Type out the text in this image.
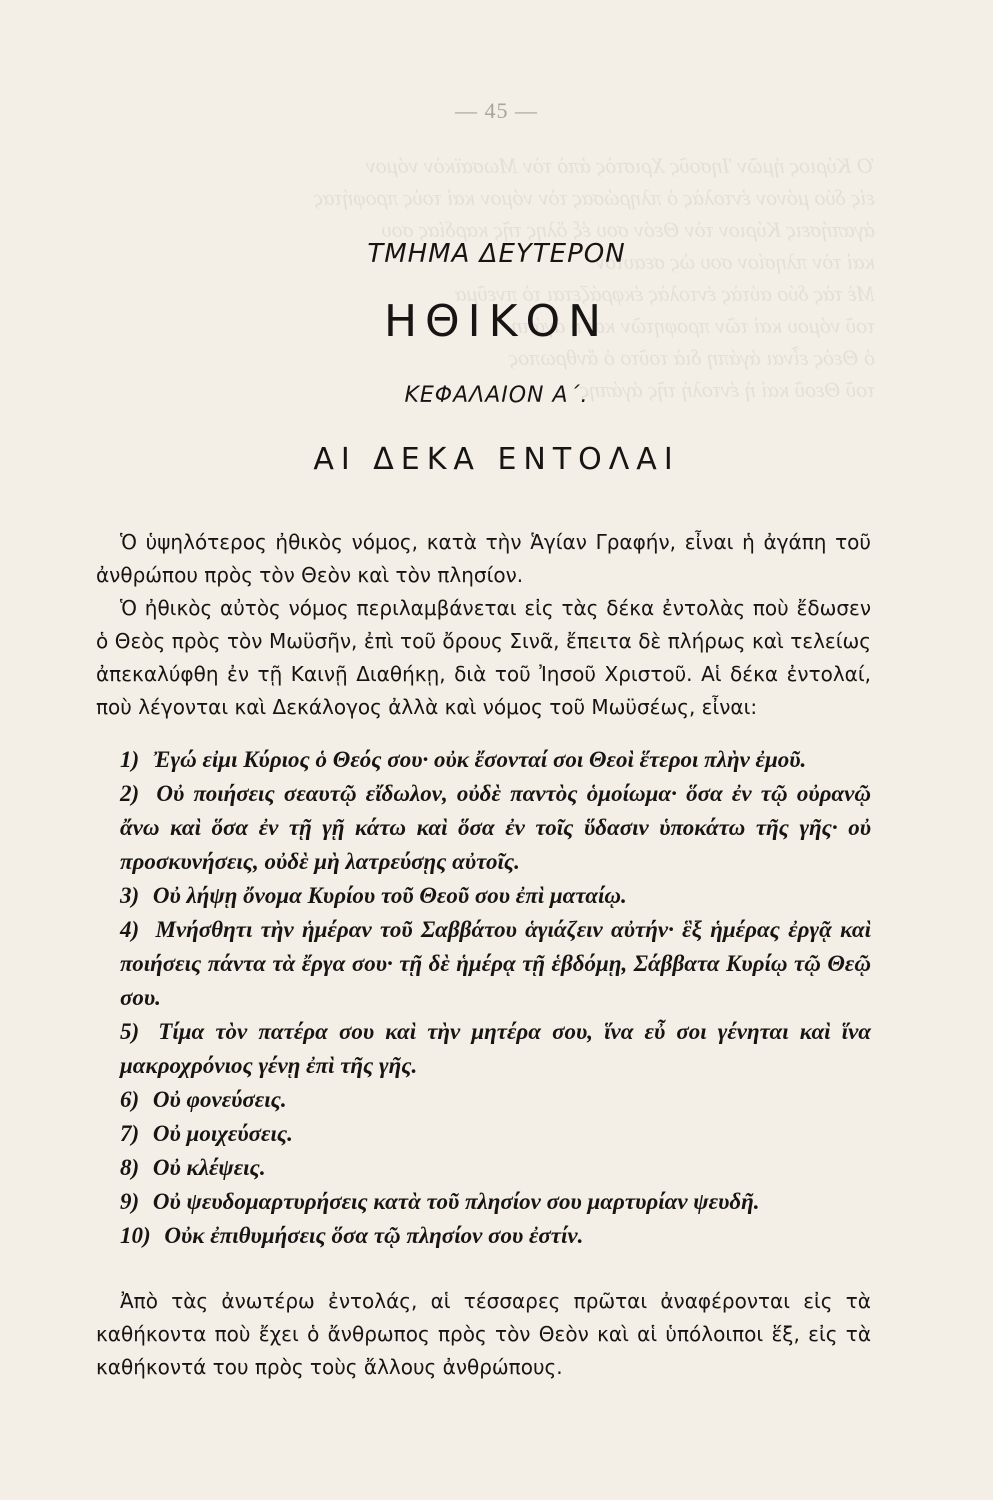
— 45 —
Ὁ Κύριος ἡμῶν Ἰησοῦς Χριστὸς ἀπὸ τὸν Μωσαϊκὸν νόμον
εἰς δύο μόνον ἐντολὰς ὁ πληρώσας τὸν νόμον καὶ τοὺς προφήτας
ἀγαπήσεις Κύριον τὸν Θεόν σου ἐξ ὅλης τῆς καρδίας σου
καὶ τὸν πλησίον σου ὡς σεαυτόν
Μὲ τὰς δύο αὐτὰς ἐντολὰς ἐκφράζεται τὸ πνεῦμα
τοῦ νόμου καὶ τῶν προφητῶν καὶ ἡ ἀγάπη
ὁ Θεὸς εἶναι ἀγάπη διὰ τοῦτο ὁ ἄνθρωπος
τοῦ Θεοῦ καὶ ἡ ἐντολὴ τῆς ἀγάπης

ΤΜΗΜΑ ΔΕΥΤΕΡΟΝ
ΗΘΙΚΟΝ
ΚΕΦΑΛΑΙΟΝ Α΄.
ΑΙ ΔΕΚΑ ΕΝΤΟΛΑΙ
Ὁ ὑψηλότερος ἠθικὸς νόμος, κατὰ τὴν Ἁγίαν Γραφήν, εἶναι ἡ ἀγάπη τοῦ ἀνθρώπου πρὸς τὸν Θεὸν καὶ τὸν πλησίον.
Ὁ ἠθικὸς αὐτὸς νόμος περιλαμβάνεται εἰς τὰς δέκα ἐντολὰς ποὺ ἔδωσεν ὁ Θεὸς πρὸς τὸν Μωϋσῆν, ἐπὶ τοῦ ὄρους Σινᾶ, ἔπειτα δὲ πλήρως καὶ τελείως ἀπεκαλύφθη ἐν τῇ Καινῇ Διαθήκῃ, διὰ τοῦ Ἰησοῦ Χριστοῦ. Αἱ δέκα ἐντολαί, ποὺ λέγονται καὶ Δεκάλογος ἀλλὰ καὶ νόμος τοῦ Μωϋσέως, εἶναι:

1) Ἐγώ εἰμι Κύριος ὁ Θεός σου· οὐκ ἔσονταί σοι Θεοὶ ἕτεροι πλὴν ἐμοῦ.

2) Οὐ ποιήσεις σεαυτῷ εἴδωλον, οὐδὲ παντὸς ὁμοίωμα· ὅσα ἐν τῷ οὐρανῷ ἄνω καὶ ὅσα ἐν τῇ γῇ κάτω καὶ ὅσα ἐν τοῖς ὕδασιν ὑποκάτω τῆς γῆς· οὐ προσκυνήσεις, οὐδὲ μὴ λατρεύσῃς αὐτοῖς.

3) Οὐ λήψῃ ὄνομα Κυρίου τοῦ Θεοῦ σου ἐπὶ ματαίῳ.

4) Μνήσθητι τὴν ἡμέραν τοῦ Σαββάτου ἁγιάζειν αὐτήν· ἓξ ἡμέρας ἐργᾷ καὶ ποιήσεις πάντα τὰ ἔργα σου· τῇ δὲ ἡμέρᾳ τῇ ἑβδόμῃ, Σάββατα Κυρίῳ τῷ Θεῷ σου.

5) Τίμα τὸν πατέρα σου καὶ τὴν μητέρα σου, ἵνα εὖ σοι γένηται καὶ ἵνα μακροχρόνιος γένῃ ἐπὶ τῆς γῆς.

6) Οὐ φονεύσεις.

7) Οὐ μοιχεύσεις.

8) Οὐ κλέψεις.

9) Οὐ ψευδομαρτυρήσεις κατὰ τοῦ πλησίον σου μαρτυρίαν ψευδῆ.

10) Οὐκ ἐπιθυμήσεις ὅσα τῷ πλησίον σου ἐστίν.

Ἀπὸ τὰς ἀνωτέρω ἐντολάς, αἱ τέσσαρες πρῶται ἀναφέρονται εἰς τὰ καθήκοντα ποὺ ἔχει ὁ ἄνθρωπος πρὸς τὸν Θεὸν καὶ αἱ ὑπόλοιποι ἕξ, εἰς τὰ καθήκοντά του πρὸς τοὺς ἄλλους ἀνθρώπους.
